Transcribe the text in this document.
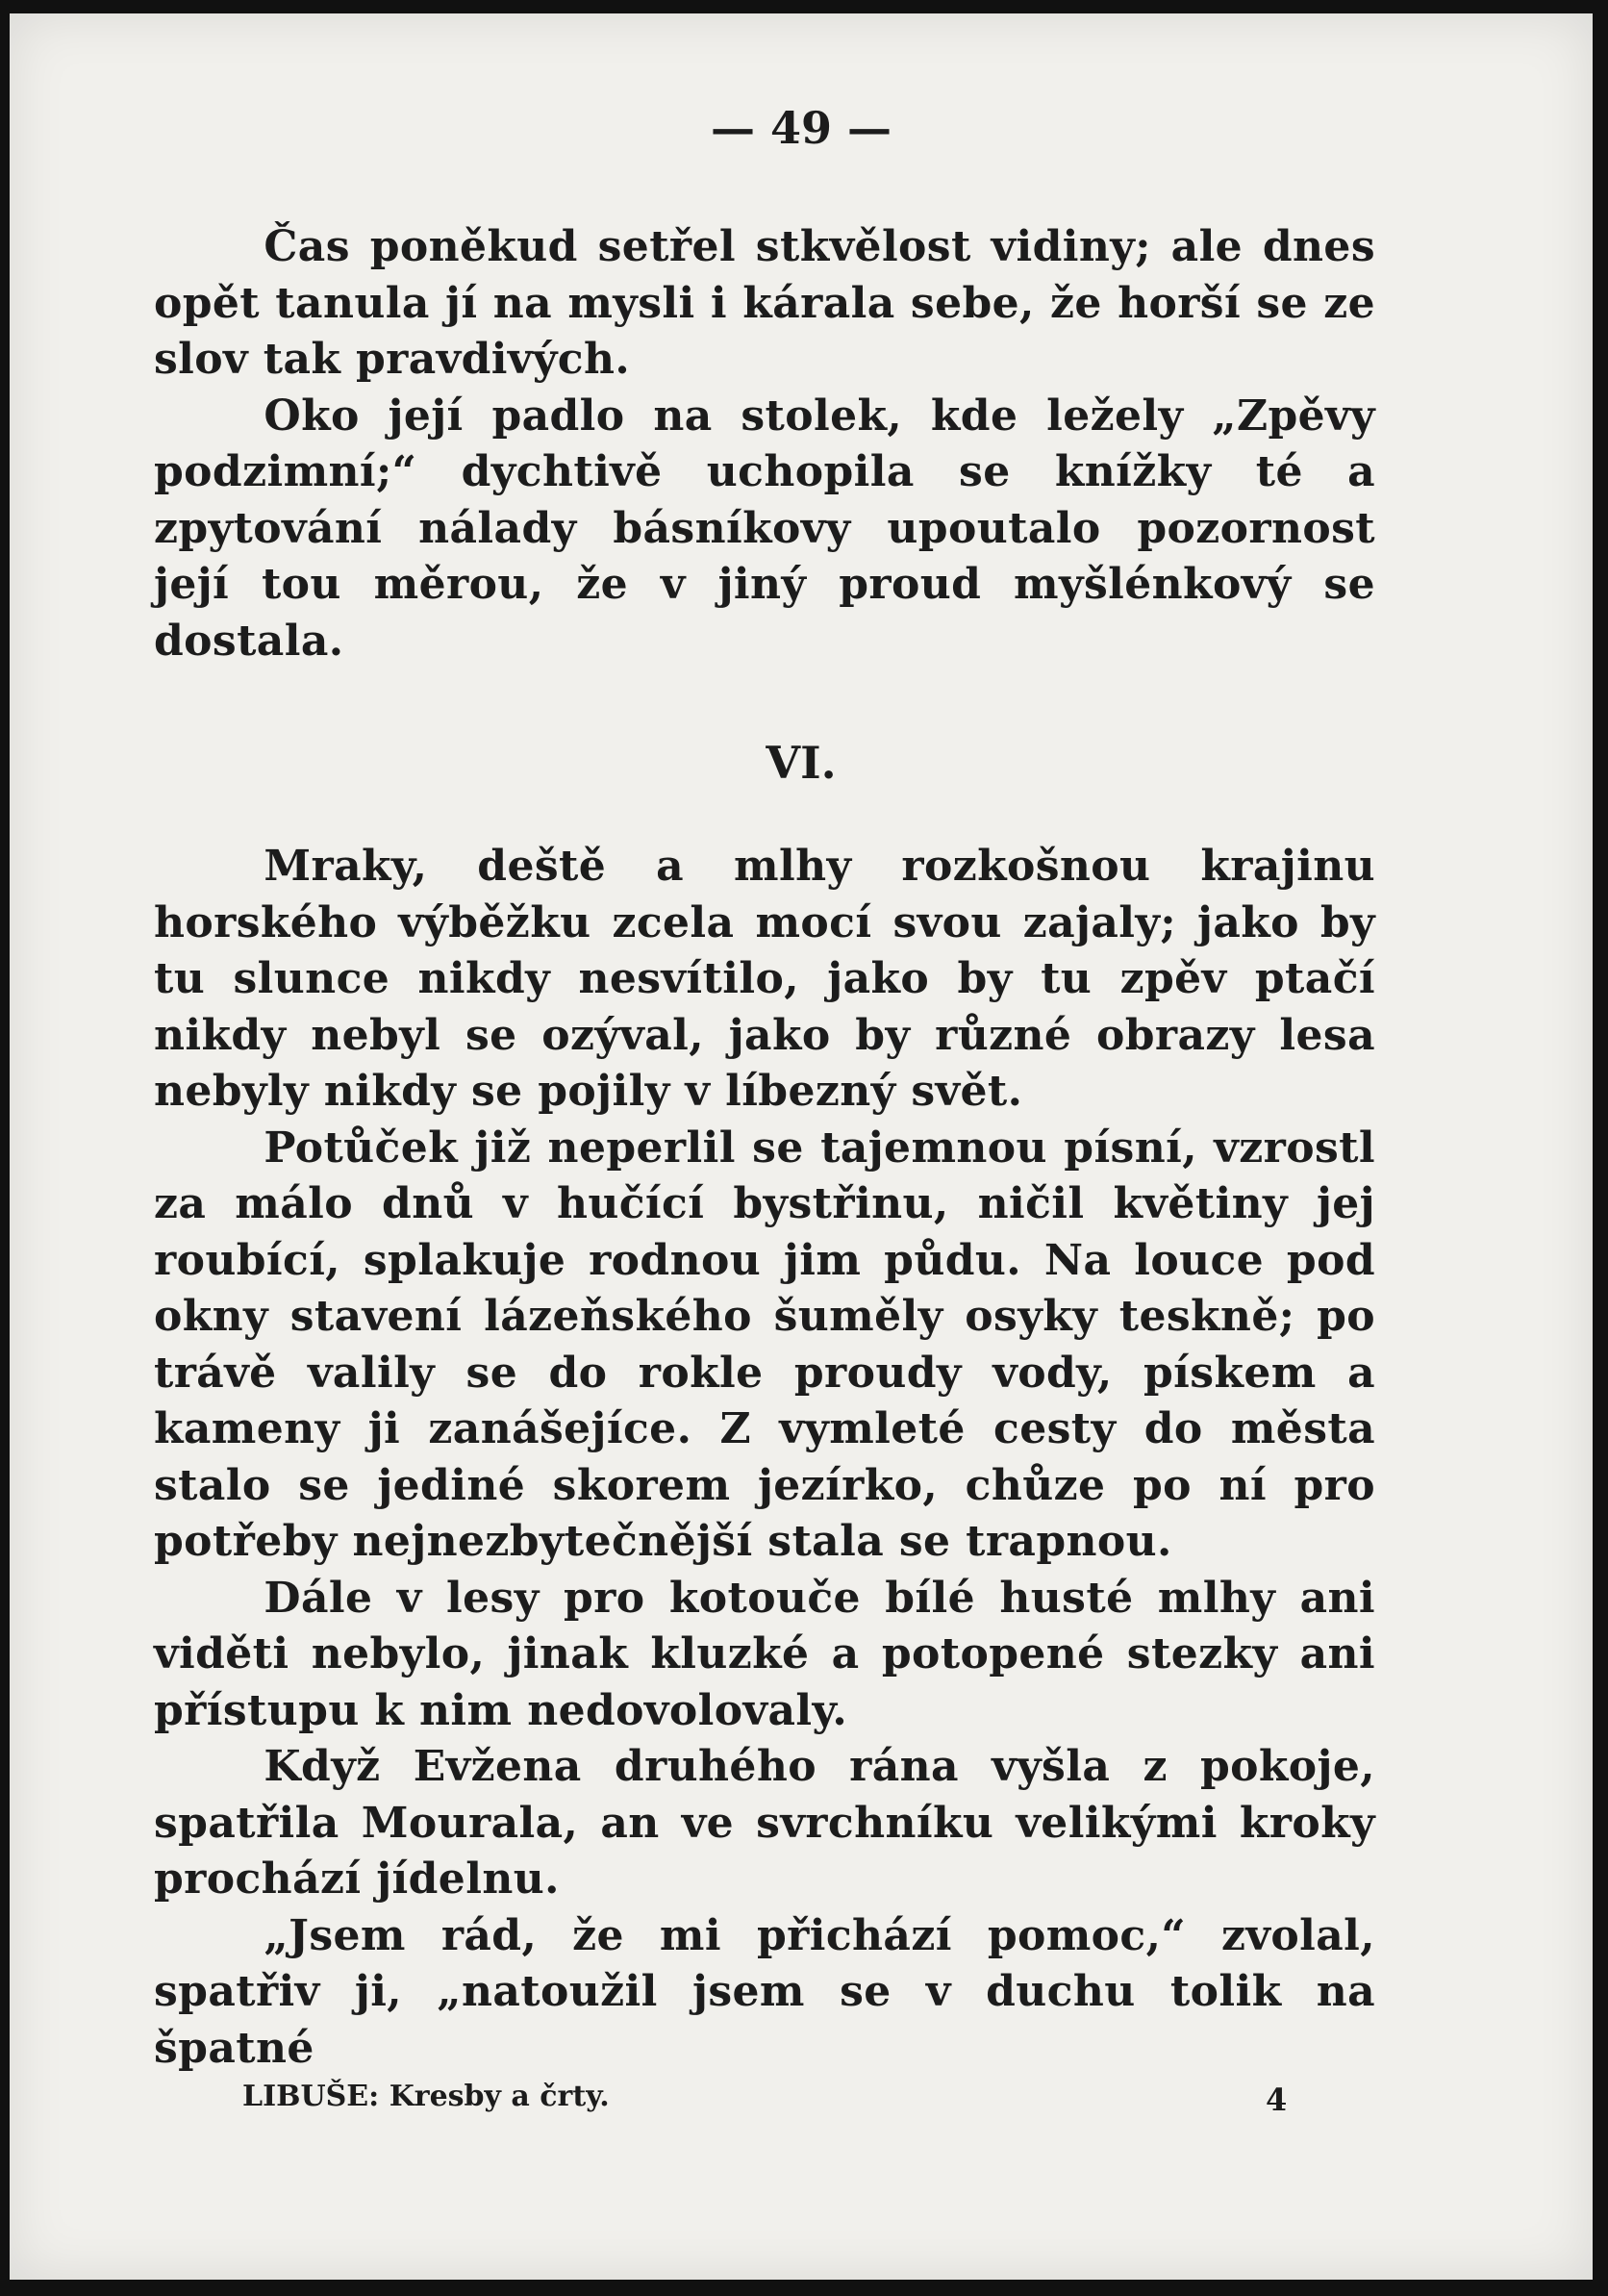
— 49 —

Čas poněkud setřel stkvělost vidiny; ale dnes opět tanula jí na mysli i kárala sebe, že horší se ze slov tak pravdivých.

Oko její padlo na stolek, kde ležely „Zpěvy podzimní;“ dychtivě uchopila se knížky té a zpytování nálady básníkovy upoutalo pozornost její tou měrou, že v jiný proud myšlénkový se dostala.

VI.

Mraky, deště a mlhy rozkošnou krajinu horského výběžku zcela mocí svou zajaly; jako by tu slunce nikdy nesvítilo, jako by tu zpěv ptačí nikdy nebyl se ozýval, jako by různé obrazy lesa nebyly nikdy se pojily v líbezný svět.

Potůček již neperlil se tajemnou písní, vzrostl za málo dnů v hučící bystřinu, ničil květiny jej roubící, splakuje rodnou jim půdu. Na louce pod okny stavení lázeňského šuměly osyky teskně; po trávě valily se do rokle proudy vody, pískem a kameny ji zanášejíce. Z vymleté cesty do města stalo se jediné skorem jezírko, chůze po ní pro potřeby nejnezbytečnější stala se trapnou.

Dále v lesy pro kotouče bílé husté mlhy ani viděti nebylo, jinak kluzké a potopené stezky ani přístupu k nim nedovolovaly.

Když Evžena druhého rána vyšla z pokoje, spatřila Mourala, an ve svrchníku velikými kroky prochází jídelnu.

„Jsem rád, že mi přichází pomoc,“ zvolal, spatřiv ji, „natoužil jsem se v duchu tolik na špatné

LIBUŠE: Kresby a črty.	4
